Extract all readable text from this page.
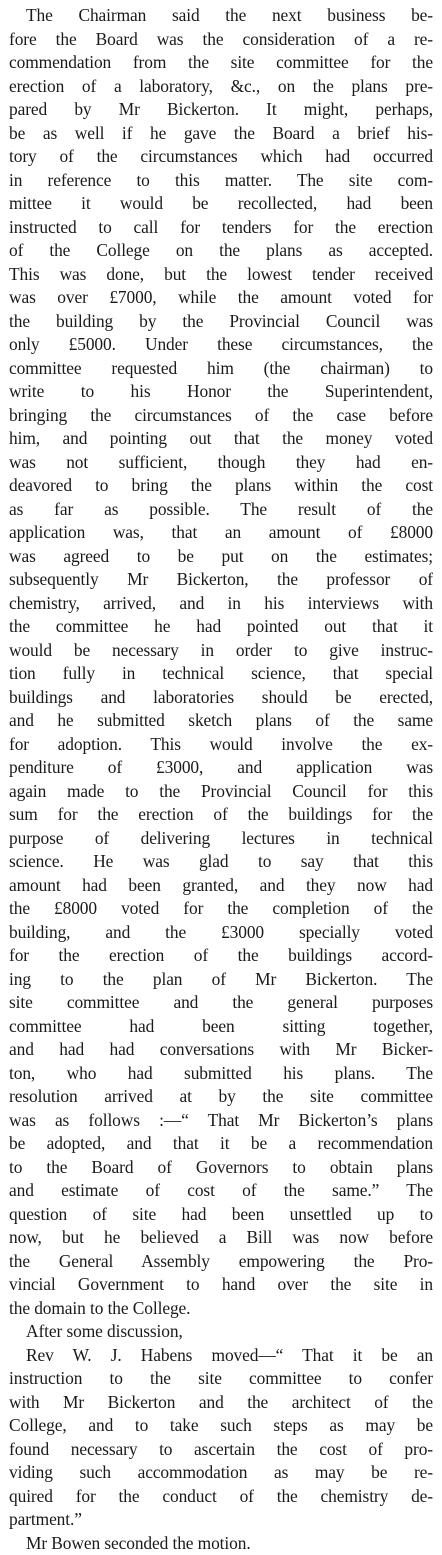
The Chairman said the next business be-
fore the Board was the consideration of a re-
commendation from the site committee for the
erection of a laboratory, &c., on the plans pre-
pared by Mr Bickerton. It might, perhaps,
be as well if he gave the Board a brief his-
tory of the circumstances which had occurred
in reference to this matter. The site com-
mittee it would be recollected, had been
instructed to call for tenders for the erection
of the College on the plans as accepted.
This was done, but the lowest tender received
was over £7000, while the amount voted for
the building by the Provincial Council was
only £5000. Under these circumstances, the
committee requested him (the chairman) to
write to his Honor the Superintendent,
bringing the circumstances of the case before
him, and pointing out that the money voted
was not sufficient, though they had en-
deavored to bring the plans within the cost
as far as possible. The result of the
application was, that an amount of £8000
was agreed to be put on the estimates;
subsequently Mr Bickerton, the professor of
chemistry, arrived, and in his interviews with
the committee he had pointed out that it
would be necessary in order to give instruc-
tion fully in technical science, that special
buildings and laboratories should be erected,
and he submitted sketch plans of the same
for adoption. This would involve the ex-
penditure of £3000, and application was
again made to the Provincial Council for this
sum for the erection of the buildings for the
purpose of delivering lectures in technical
science. He was glad to say that this
amount had been granted, and they now had
the £8000 voted for the completion of the
building, and the £3000 specially voted
for the erection of the buildings accord-
ing to the plan of Mr Bickerton. The
site committee and the general purposes
committee had been sitting together,
and had had conversations with Mr Bicker-
ton, who had submitted his plans. The
resolution arrived at by the site committee
was as follows :—“ That Mr Bickerton’s plans
be adopted, and that it be a recommendation
to the Board of Governors to obtain plans
and estimate of cost of the same.” The
question of site had been unsettled up to
now, but he believed a Bill was now before
the General Assembly empowering the Pro-
vincial Government to hand over the site in
the domain to the College.
After some discussion,
Rev W. J. Habens moved—“ That it be an
instruction to the site committee to confer
with Mr Bickerton and the architect of the
College, and to take such steps as may be
found necessary to ascertain the cost of pro-
viding such accommodation as may be re-
quired for the conduct of the chemistry de-
partment.”
Mr Bowen seconded the motion.
